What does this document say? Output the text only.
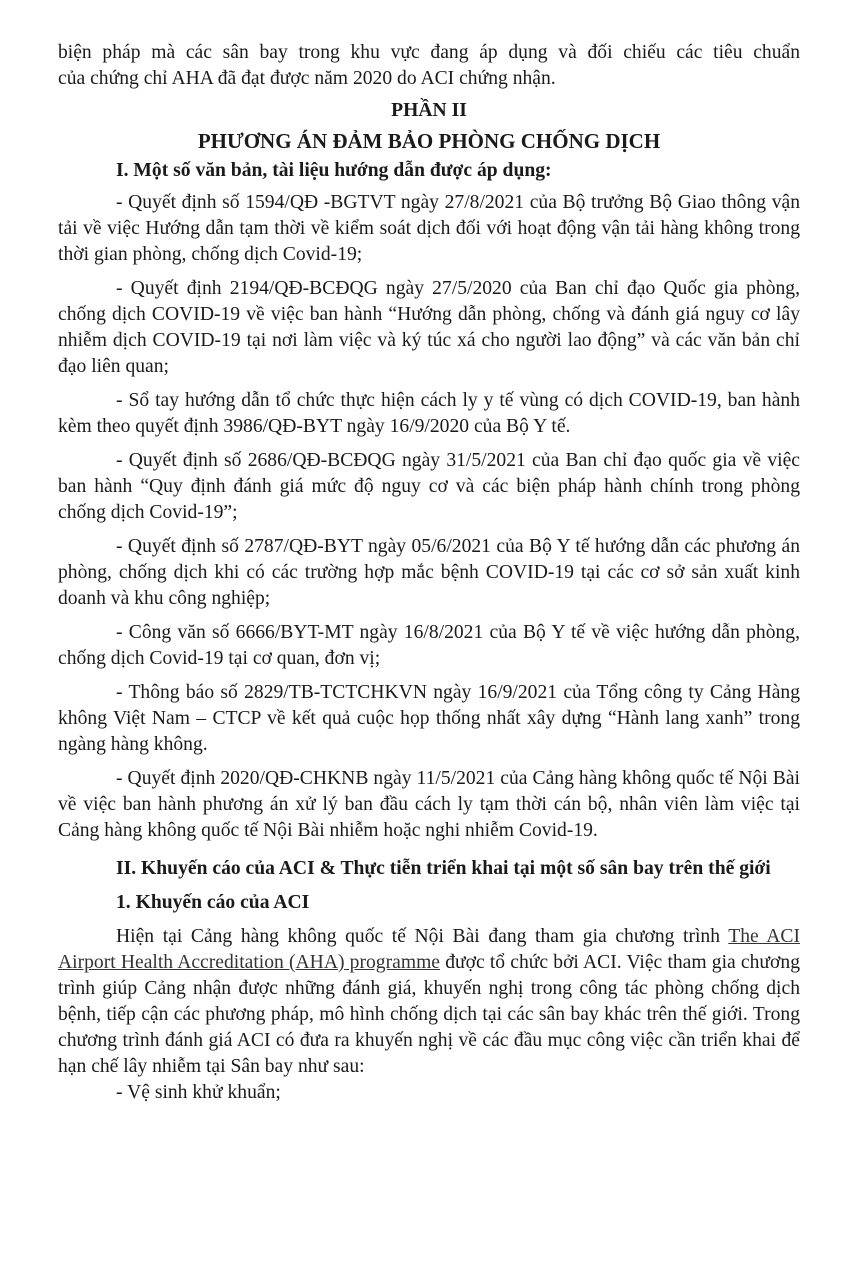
biện pháp mà các sân bay trong khu vực đang áp dụng và đối chiếu các tiêu chuẩn

của chứng chỉ AHA đã đạt được năm 2020 do ACI chứng nhận.

PHẦN II

PHƯƠNG ÁN ĐẢM BẢO PHÒNG CHỐNG DỊCH

I. Một số văn bản, tài liệu hướng dẫn được áp dụng:

- Quyết định số 1594/QĐ -BGTVT ngày 27/8/2021 của Bộ trưởng Bộ Giao thông vận tải về việc Hướng dẫn tạm thời về kiểm soát dịch đối với hoạt động vận tải hàng không trong thời gian phòng, chống dịch Covid-19;

- Quyết định 2194/QĐ-BCĐQG ngày 27/5/2020 của Ban chỉ đạo Quốc gia phòng, chống dịch COVID-19 về việc ban hành “Hướng dẫn phòng, chống và đánh giá nguy cơ lây nhiễm dịch COVID-19 tại nơi làm việc và ký túc xá cho người lao động” và các văn bản chỉ đạo liên quan;

- Sổ tay hướng dẫn tổ chức thực hiện cách ly y tế vùng có dịch COVID-19, ban hành kèm theo quyết định 3986/QĐ-BYT ngày 16/9/2020 của Bộ Y tế.

- Quyết định số 2686/QĐ-BCĐQG ngày 31/5/2021 của Ban chỉ đạo quốc gia về việc ban hành “Quy định đánh giá mức độ nguy cơ và các biện pháp hành chính trong phòng chống dịch Covid-19”;

- Quyết định số 2787/QĐ-BYT ngày 05/6/2021 của Bộ Y tế hướng dẫn các phương án phòng, chống dịch khi có các trường hợp mắc bệnh COVID-19 tại các cơ sở sản xuất kinh doanh và khu công nghiệp;

- Công văn số 6666/BYT-MT ngày 16/8/2021 của Bộ Y tế về việc hướng dẫn phòng, chống dịch Covid-19 tại cơ quan, đơn vị;

- Thông báo số 2829/TB-TCTCHKVN ngày 16/9/2021 của Tổng công ty Cảng Hàng không Việt Nam – CTCP về kết quả cuộc họp thống nhất xây dựng “Hành lang xanh” trong ngàng hàng không.

- Quyết định 2020/QĐ-CHKNB ngày 11/5/2021 của Cảng hàng không quốc tế Nội Bài về việc ban hành phương án xử lý ban đầu cách ly tạm thời cán bộ, nhân viên làm việc tại Cảng hàng không quốc tế Nội Bài nhiễm hoặc nghi nhiễm Covid-19.

II. Khuyến cáo của ACI & Thực tiễn triển khai tại một số sân bay trên thế giới

1. Khuyến cáo của ACI

Hiện tại Cảng hàng không quốc tế Nội Bài đang tham gia chương trình The ACI Airport Health Accreditation (AHA) programme được tổ chức bởi ACI. Việc tham gia chương trình giúp Cảng nhận được những đánh giá, khuyến nghị trong công tác phòng chống dịch bệnh, tiếp cận các phương pháp, mô hình chống dịch tại các sân bay khác trên thế giới. Trong chương trình đánh giá ACI có đưa ra khuyến nghị về các đầu mục công việc cần triển khai để hạn chế lây nhiễm tại Sân bay như sau:

- Vệ sinh khử khuẩn;
